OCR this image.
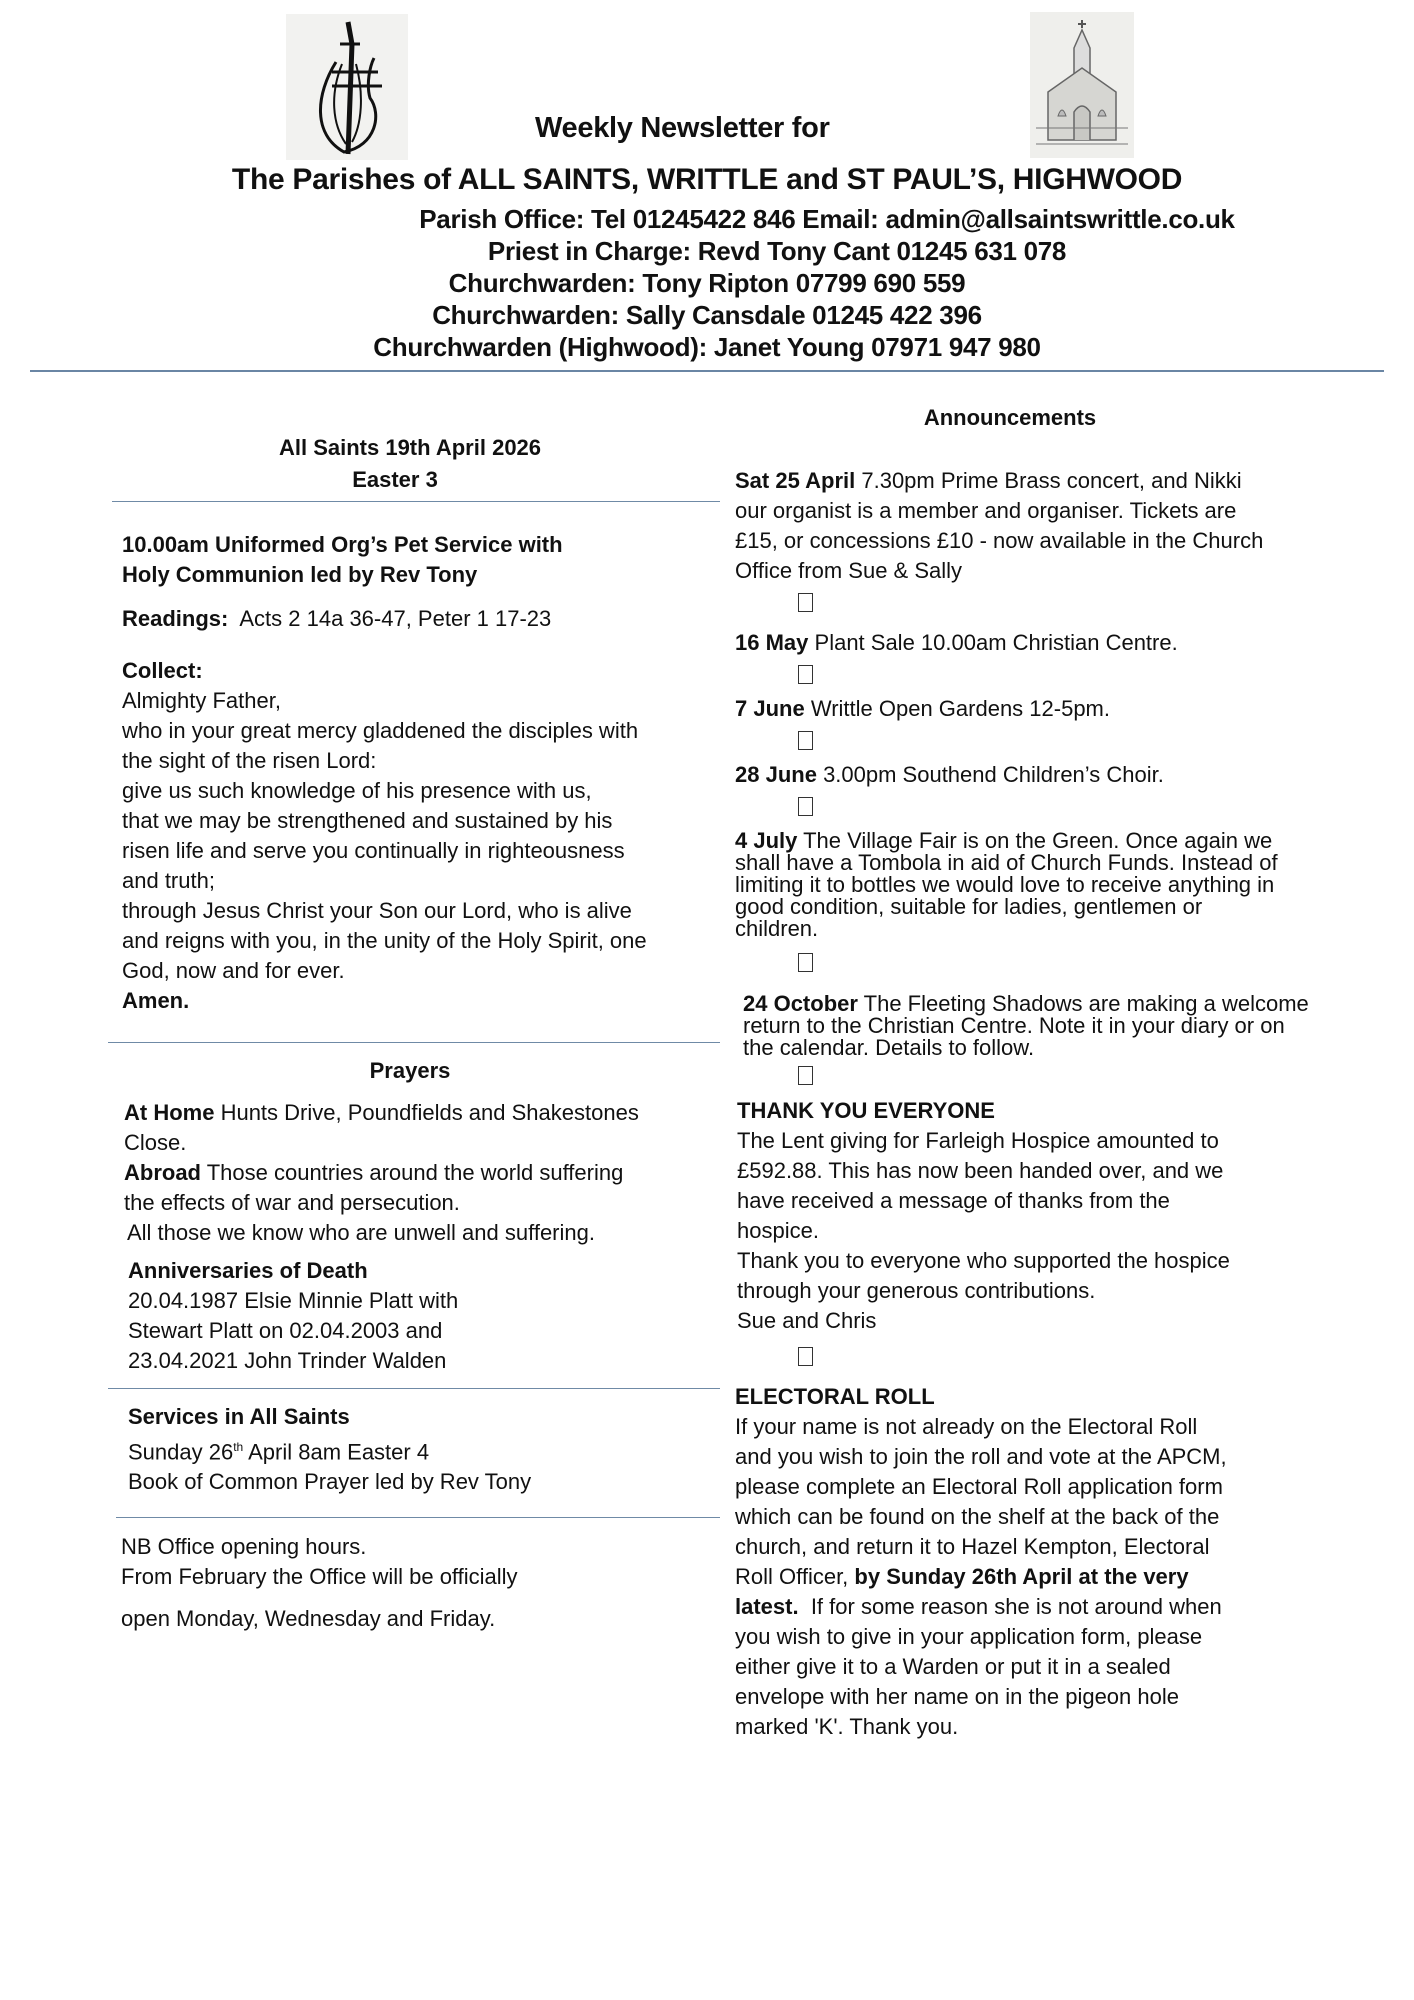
Weekly Newsletter for
The Parishes of ALL SAINTS, WRITTLE and ST PAUL’S, HIGHWOOD
Parish Office: Tel 01245422 846 Email: admin@allsaintswrittle.co.uk
Priest in Charge: Revd Tony Cant 01245 631 078
Churchwarden: Tony Ripton 07799 690 559
Churchwarden: Sally Cansdale 01245 422 396
Churchwarden (Highwood): Janet Young 07971 947 980
All Saints 19th April 2026
Easter 3

10.00am Uniformed Org’s Pet Service with

Holy Communion led by Rev Tony

Readings: Acts 2 14a 36-47, Peter 1 17-23

Collect:

Almighty Father,

who in your great mercy gladdened the disciples with

the sight of the risen Lord:

give us such knowledge of his presence with us,

that we may be strengthened and sustained by his

risen life and serve you continually in righteousness

and truth;

through Jesus Christ your Son our Lord, who is alive

and reigns with you, in the unity of the Holy Spirit, one

God, now and for ever.

Amen.

Prayers

At Home Hunts Drive, Poundfields and Shakestones

Close.

Abroad Those countries around the world suffering

the effects of war and persecution.

All those we know who are unwell and suffering.

Anniversaries of Death

20.04.1987 Elsie Minnie Platt with

Stewart Platt on 02.04.2003 and

23.04.2021 John Trinder Walden

Services in All Saints

Sunday 26th April 8am Easter 4

Book of Common Prayer led by Rev Tony

NB Office opening hours.

From February the Office will be officially

open Monday, Wednesday and Friday.

Announcements

Sat 25 April 7.30pm Prime Brass concert, and Nikki

our organist is a member and organiser. Tickets are

£15, or concessions £10 - now available in the Church

Office from Sue & Sally

16 May Plant Sale 10.00am Christian Centre.

7 June Writtle Open Gardens 12-5pm.

28 June 3.00pm Southend Children’s Choir.

4 July The Village Fair is on the Green. Once again we

shall have a Tombola in aid of Church Funds. Instead of

limiting it to bottles we would love to receive anything in

good condition, suitable for ladies, gentlemen or

children.

24 October The Fleeting Shadows are making a welcome

return to the Christian Centre. Note it in your diary or on

the calendar. Details to follow.

THANK YOU EVERYONE

The Lent giving for Farleigh Hospice amounted to

£592.88. This has now been handed over, and we

have received a message of thanks from the

hospice.

Thank you to everyone who supported the hospice

through your generous contributions.

Sue and Chris

ELECTORAL ROLL

If your name is not already on the Electoral Roll

and you wish to join the roll and vote at the APCM,

please complete an Electoral Roll application form

which can be found on the shelf at the back of the

church, and return it to Hazel Kempton, Electoral

Roll Officer, by Sunday 26th April at the very

latest.  If for some reason she is not around when

you wish to give in your application form, please

either give it to a Warden or put it in a sealed

envelope with her name on in the pigeon hole

marked 'K'. Thank you.
